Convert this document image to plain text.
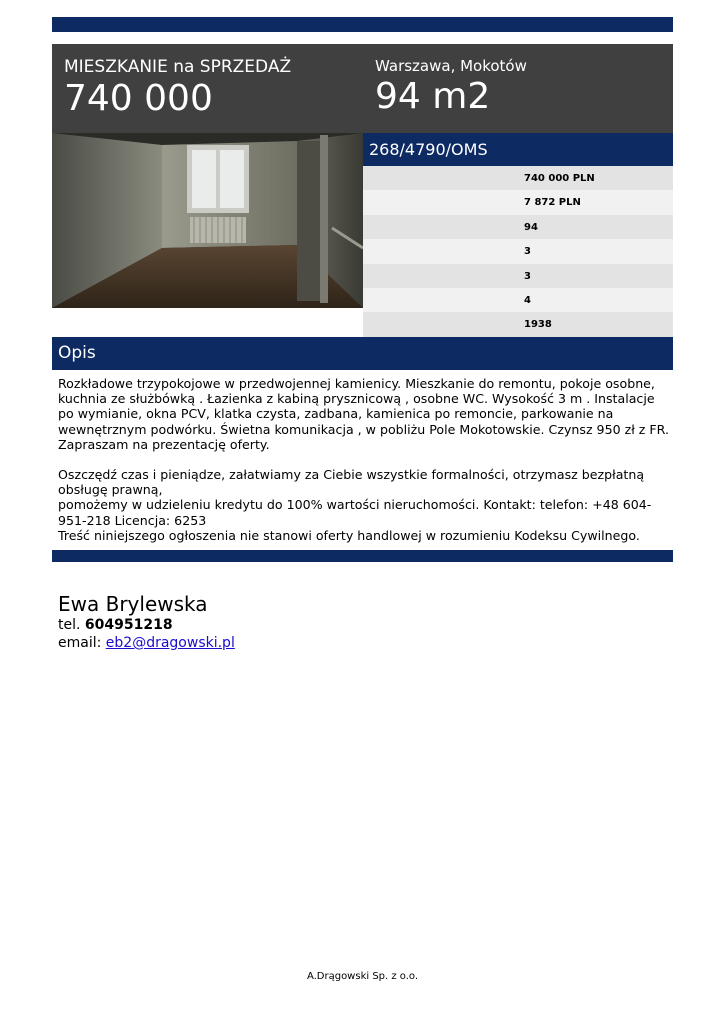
MIESZKANIE na SPRZEDAŻ
740 000
Warszawa, Mokotów
94 m2
268/4790/OMS
740 000 PLN
7 872 PLN
94
3
3
4
1938
Opis

Rozkładowe trzypokojowe w przedwojennej kamienicy. Mieszkanie do remontu, pokoje osobne, kuchnia ze służbówką . Łazienka z kabiną prysznicową , osobne WC. Wysokość 3 m . Instalacje po wymianie, okna PCV, klatka czysta, zadbana, kamienica po remoncie, parkowanie na wewnętrznym podwórku. Świetna komunikacja , w pobliżu Pole Mokotowskie. Czynsz 950 zł z FR.
Zapraszam na prezentację oferty.

Oszczędź czas i pieniądze, załatwiamy za Ciebie wszystkie formalności, otrzymasz bezpłatną obsługę prawną,
pomożemy w udzieleniu kredytu do 100% wartości nieruchomości. Kontakt: telefon: +48 604-951-218 Licencja: 6253
Treść niniejszego ogłoszenia nie stanowi oferty handlowej w rozumieniu Kodeksu Cywilnego.

Ewa Brylewska
tel. 604951218
email: eb2@dragowski.pl
A.Drągowski Sp. z o.o.
